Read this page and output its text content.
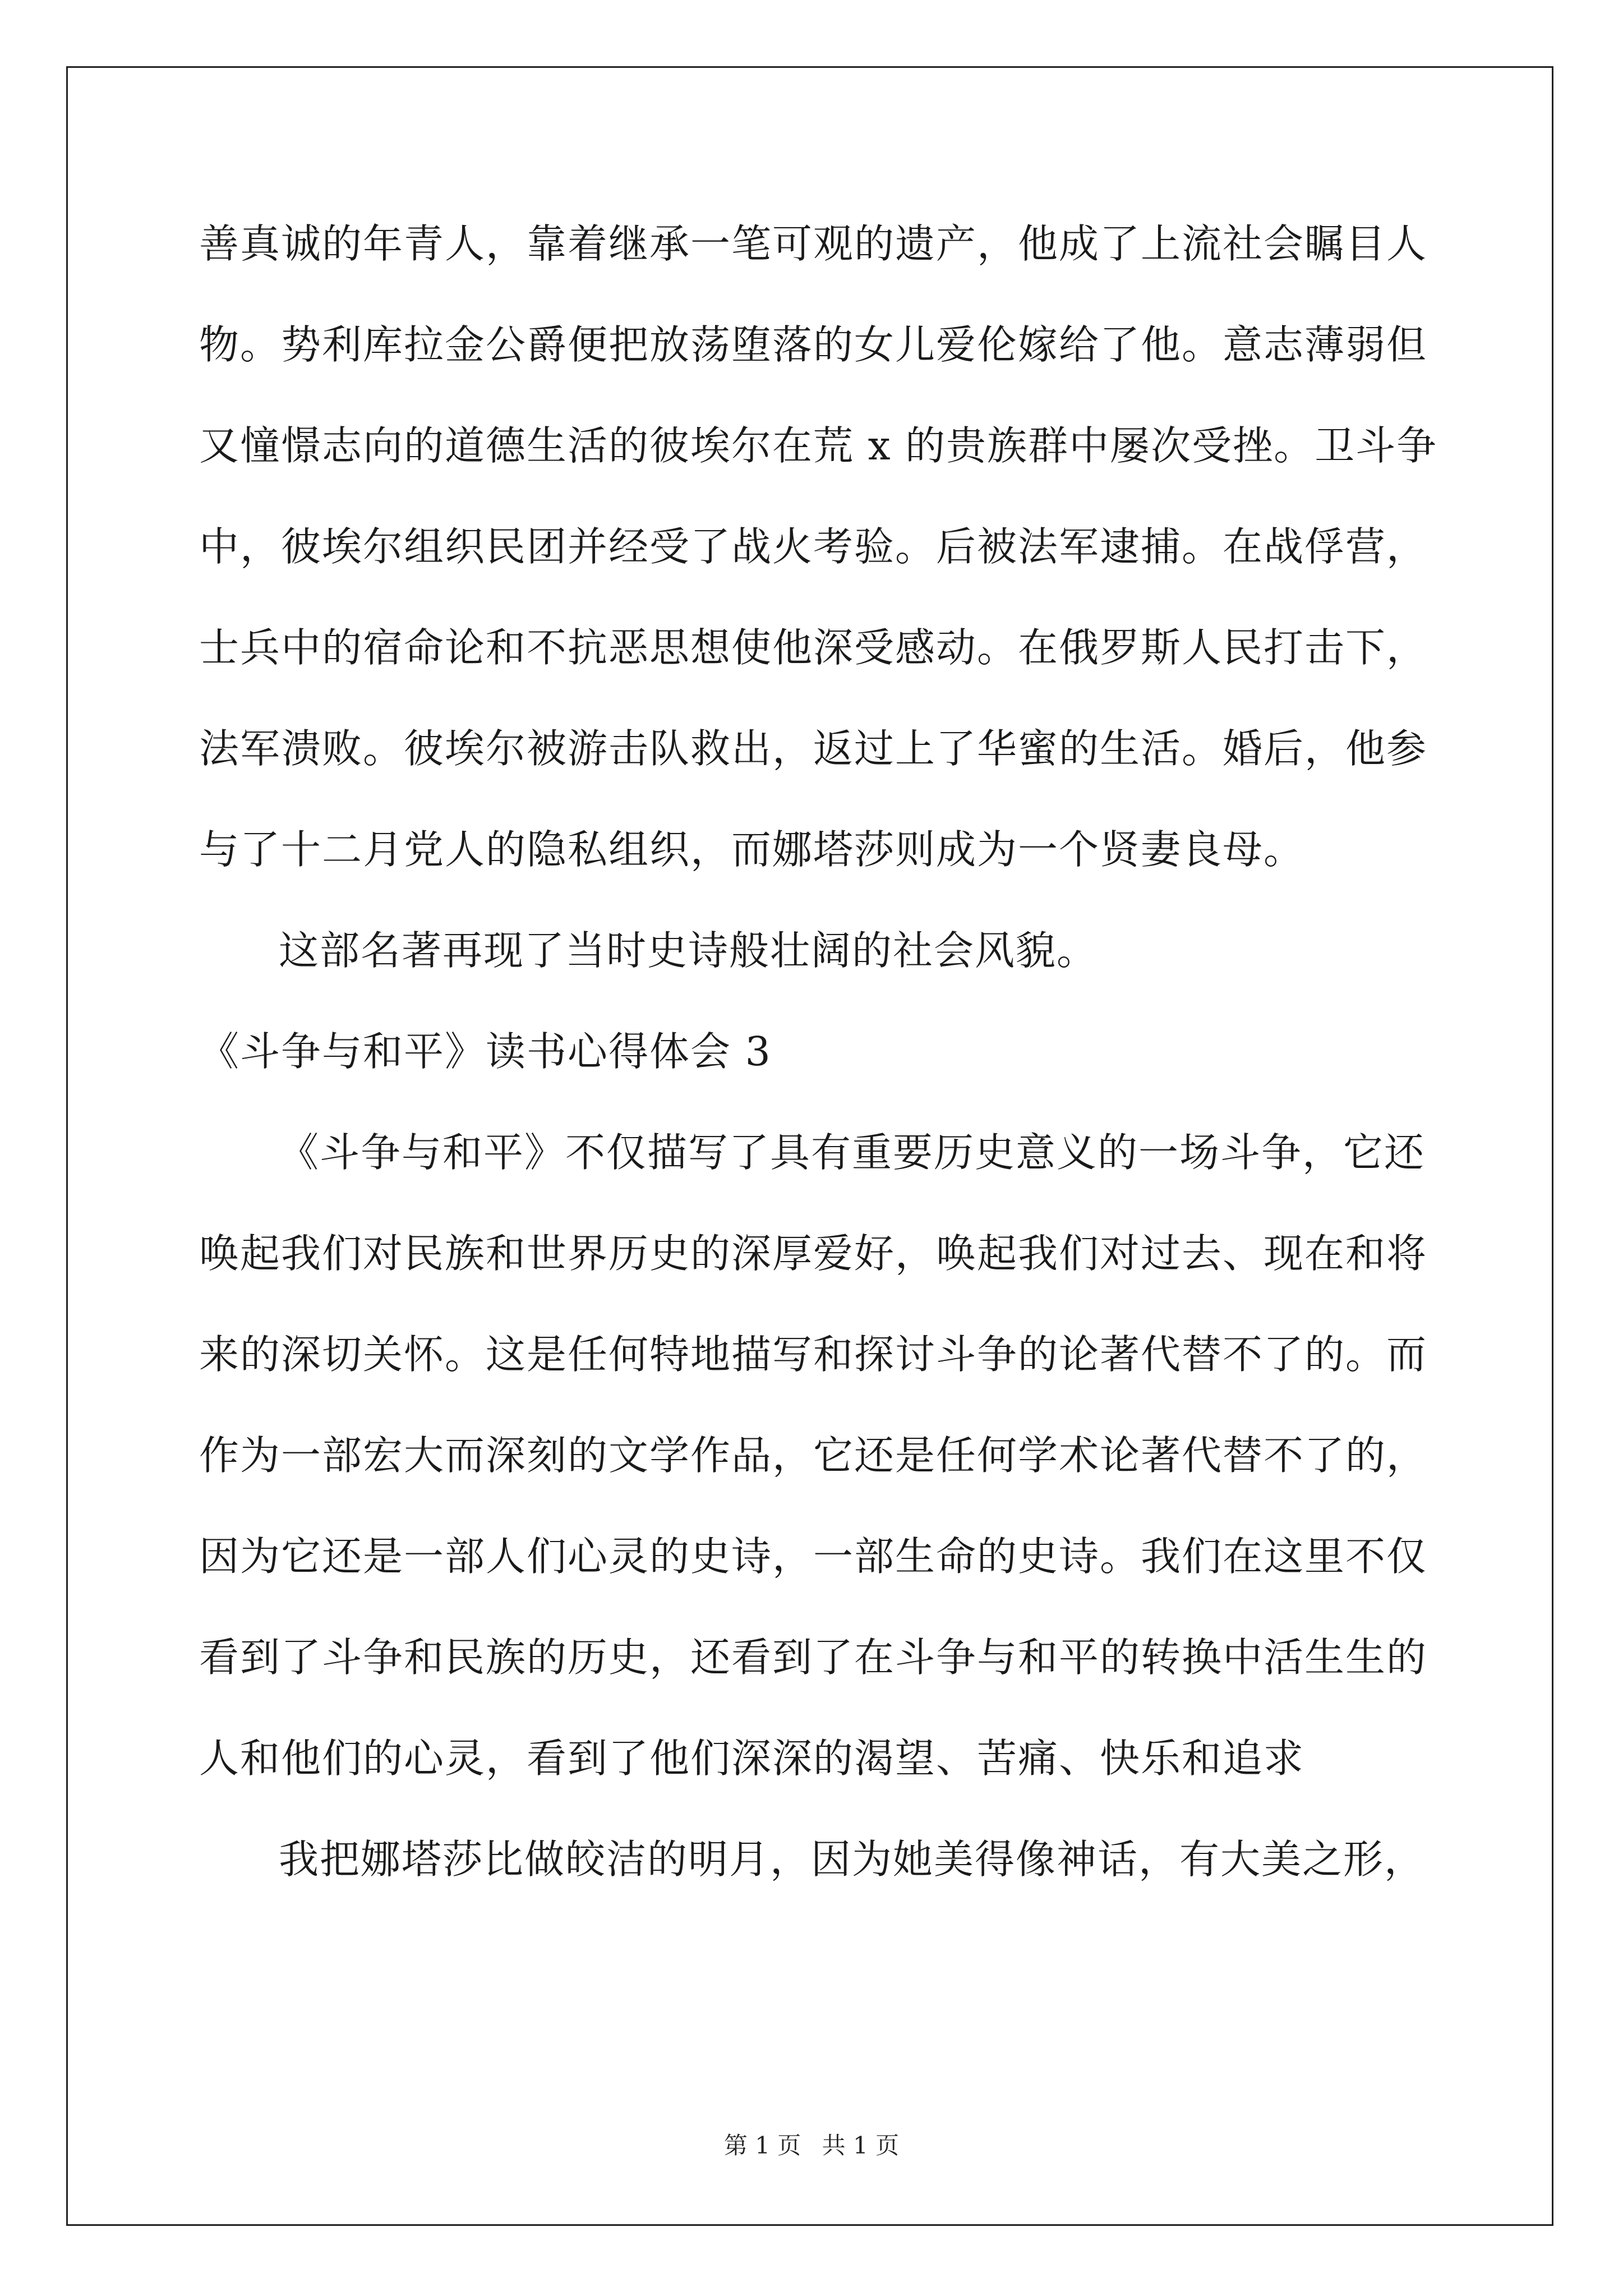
善真诚的年青人，靠着继承一笔可观的遗产，他成了上流社会瞩目人
物。势利库拉金公爵便把放荡堕落的女儿爱伦嫁给了他。意志薄弱但
又憧憬志向的道德生活的彼埃尔在荒 x 的贵族群中屡次受挫。卫斗争
中，彼埃尔组织民团并经受了战火考验。后被法军逮捕。在战俘营，
士兵中的宿命论和不抗恶思想使他深受感动。在俄罗斯人民打击下，
法军溃败。彼埃尔被游击队救出，返过上了华蜜的生活。婚后，他参
与了十二月党人的隐私组织，而娜塔莎则成为一个贤妻良母。
这部名著再现了当时史诗般壮阔的社会风貌。
《斗争与和平》读书心得体会 3
《斗争与和平》不仅描写了具有重要历史意义的一场斗争，它还
唤起我们对民族和世界历史的深厚爱好，唤起我们对过去、现在和将
来的深切关怀。这是任何特地描写和探讨斗争的论著代替不了的。而
作为一部宏大而深刻的文学作品，它还是任何学术论著代替不了的，
因为它还是一部人们心灵的史诗，一部生命的史诗。我们在这里不仅
看到了斗争和民族的历史，还看到了在斗争与和平的转换中活生生的
人和他们的心灵，看到了他们深深的渴望、苦痛、快乐和追求
我把娜塔莎比做皎洁的明月，因为她美得像神话，有大美之形，
第 1 页 共 1 页
